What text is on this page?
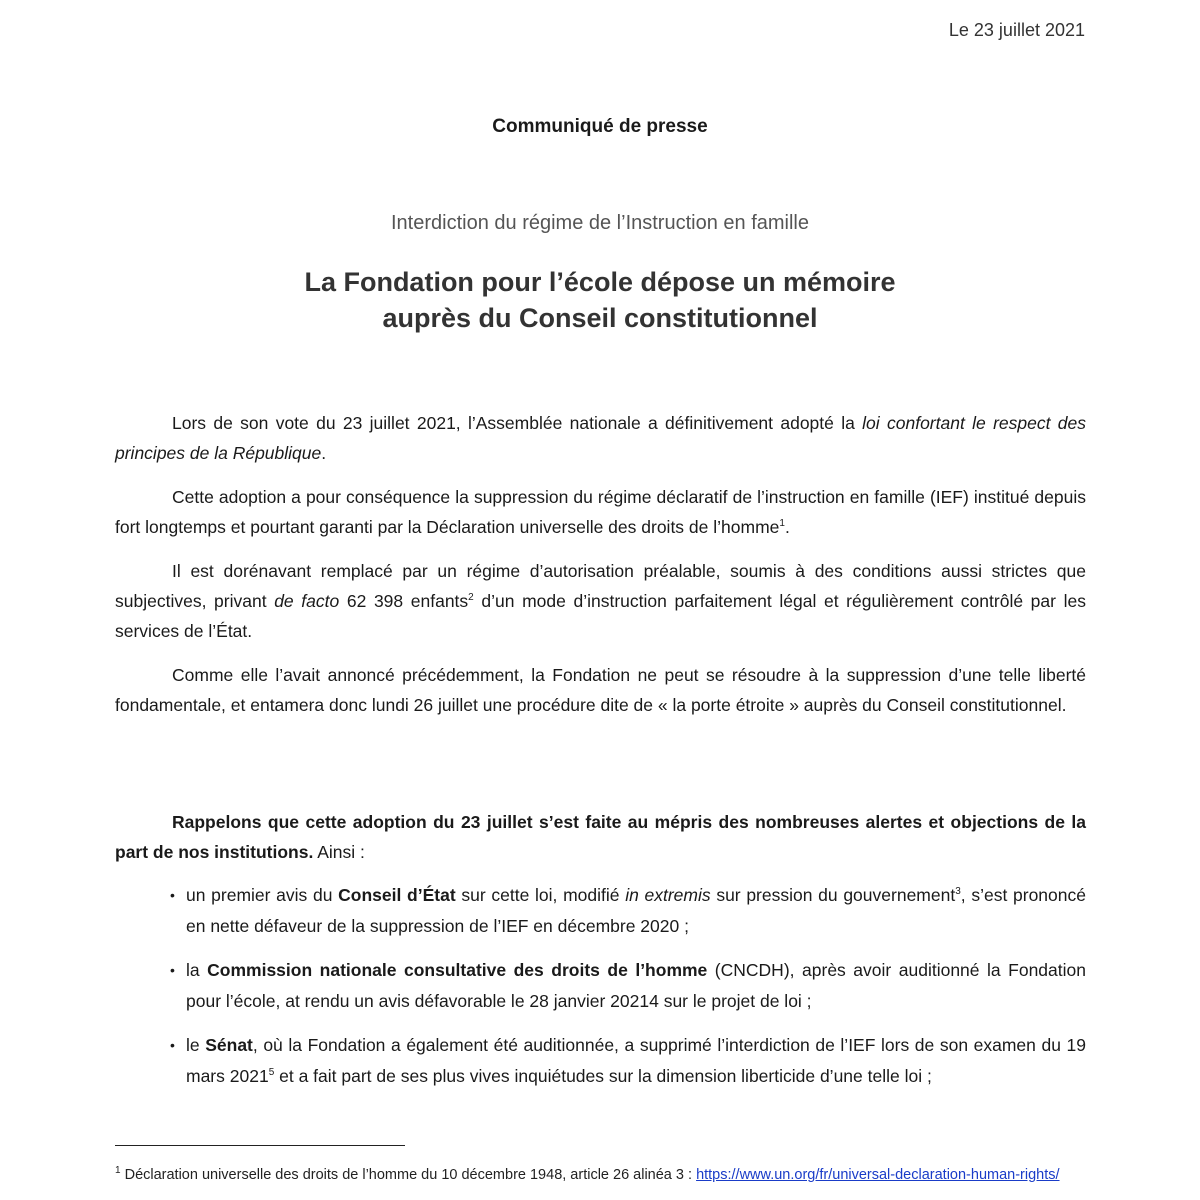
Le 23 juillet 2021
Communiqué de presse
Interdiction du régime de l’Instruction en famille
La Fondation pour l’école dépose un mémoire
auprès du Conseil constitutionnel

Lors de son vote du 23 juillet 2021, l’Assemblée nationale a définitivement adopté la loi confortant le respect des principes de la République.

Cette adoption a pour conséquence la suppression du régime déclaratif de l’instruction en famille (IEF) institué depuis fort longtemps et pourtant garanti par la Déclaration universelle des droits de l’homme$^1$.

Il est dorénavant remplacé par un régime d’autorisation préalable, soumis à des conditions aussi strictes que subjectives, privant de facto 62 398 enfants$^2$ d’un mode d’instruction parfaitement légal et régulièrement contrôlé par les services de l’État.

Comme elle l’avait annoncé précédemment, la Fondation ne peut se résoudre à la suppression d’une telle liberté fondamentale, et entamera donc lundi 26 juillet une procédure dite de « la porte étroite » auprès du Conseil constitutionnel.

Rappelons que cette adoption du 23 juillet s’est faite au mépris des nombreuses alertes et objections de la part de nos institutions. Ainsi :

• un premier avis du Conseil d’État sur cette loi, modifié in extremis sur pression du gouvernement$^3$, s’est prononcé en nette défaveur de la suppression de l’IEF en décembre 2020 ;
• la Commission nationale consultative des droits de l’homme (CNCDH), après avoir auditionné la Fondation pour l’école, at rendu un avis défavorable le 28 janvier 20214 sur le projet de loi ;
• le Sénat, où la Fondation a également été auditionnée, a supprimé l’interdiction de l’IEF lors de son examen du 19 mars 2021$^5$ et a fait part de ses plus vives inquiétudes sur la dimension liberticide d’une telle loi ;
$^1$ Déclaration universelle des droits de l’homme du 10 décembre 1948, article 26 alinéa 3 : https://www.un.org/fr/universal-declaration-human-rights/
